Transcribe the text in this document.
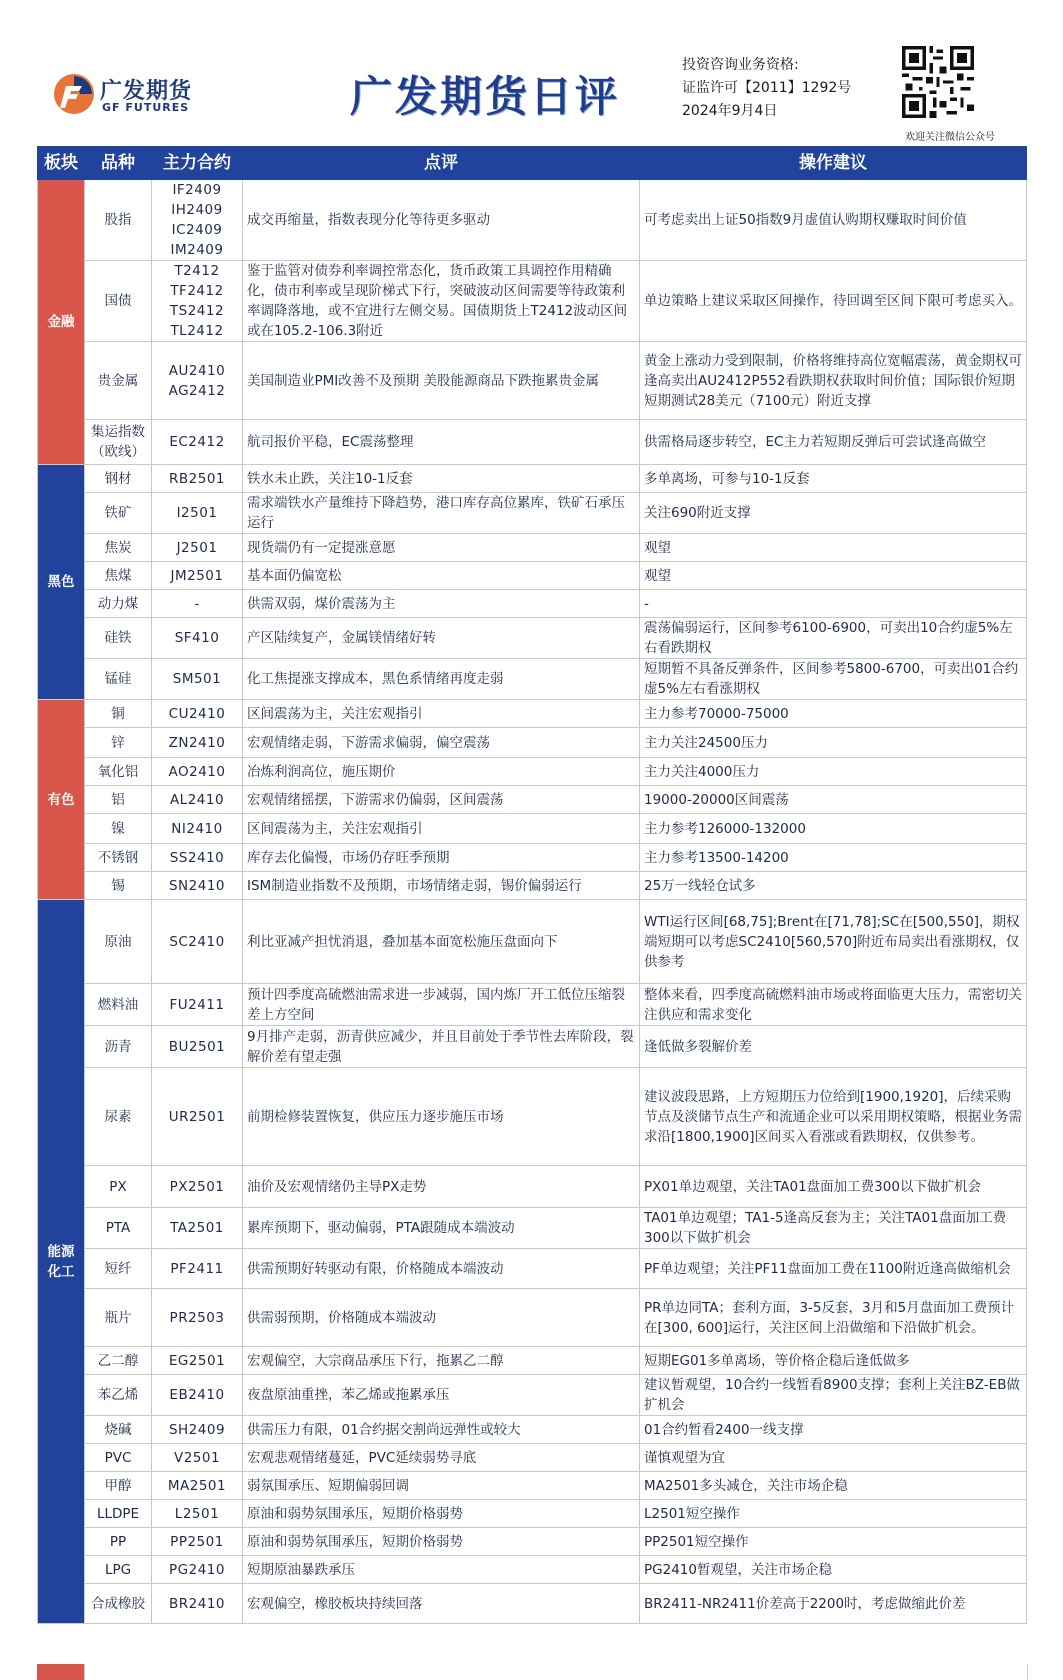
广发期货
GF FUTURES	广发期货日评
投资咨询业务资格:
证监许可【2011】1292号
2024年9月4日
欢迎关注微信公众号
板块	品种	主力合约	点评	操作建议
金融	股指	IF2409
IH2409
IC2409
IM2409	成交再缩量，指数表现分化等待更多驱动	可考虑卖出上证50指数9月虚值认购期权赚取时间价值
	国债	T2412
TF2412
TS2412
TL2412	鉴于监管对债券利率调控常态化，货币政策工具调控作用精确化，债市利率或呈现阶梯式下行，突破波动区间需要等待政策利率调降落地，或不宜进行左侧交易。国债期货上T2412波动区间或在105.2-106.3附近	单边策略上建议采取区间操作，待回调至区间下限可考虑买入。
	贵金属	AU2410
AG2412	美国制造业PMI改善不及预期 美股能源商品下跌拖累贵金属	黄金上涨动力受到限制，价格将维持高位宽幅震荡，黄金期权可逢高卖出AU2412P552看跌期权获取时间价值；国际银价短期短期测试28美元（7100元）附近支撑
	集运指数（欧线）	EC2412	航司报价平稳，EC震荡整理	供需格局逐步转空，EC主力若短期反弹后可尝试逢高做空
黑色	钢材	RB2501	铁水未止跌，关注10-1反套	多单离场，可参与10-1反套
	铁矿	I2501	需求端铁水产量维持下降趋势，港口库存高位累库，铁矿石承压运行	关注690附近支撑
	焦炭	J2501	现货端仍有一定提涨意愿	观望
	焦煤	JM2501	基本面仍偏宽松	观望
	动力煤	-	供需双弱，煤价震荡为主	-
	硅铁	SF410	产区陆续复产，金属镁情绪好转	震荡偏弱运行，区间参考6100-6900，可卖出10合约虚5%左右看跌期权
	锰硅	SM501	化工焦提涨支撑成本，黑色系情绪再度走弱	短期暂不具备反弹条件，区间参考5800-6700，可卖出01合约虚5%左右看涨期权
有色	铜	CU2410	区间震荡为主，关注宏观指引	主力参考70000-75000
	锌	ZN2410	宏观情绪走弱，下游需求偏弱，偏空震荡	主力关注24500压力
	氧化铝	AO2410	冶炼利润高位，施压期价	主力关注4000压力
	铝	AL2410	宏观情绪摇摆，下游需求仍偏弱，区间震荡	19000-20000区间震荡
	镍	NI2410	区间震荡为主，关注宏观指引	主力参考126000-132000
	不锈钢	SS2410	库存去化偏慢，市场仍存旺季预期	主力参考13500-14200
	锡	SN2410	ISM制造业指数不及预期，市场情绪走弱，锡价偏弱运行	25万一线轻仓试多
能源化工	原油	SC2410	利比亚减产担忧消退，叠加基本面宽松施压盘面向下	WTI运行区间[68,75];Brent在[71,78];SC在[500,550]，期权端短期可以考虑SC2410[560,570]附近布局卖出看涨期权，仅供参考
	燃料油	FU2411	预计四季度高硫燃油需求进一步减弱，国内炼厂开工低位压缩裂差上方空间	整体来看，四季度高硫燃料油市场或将面临更大压力，需密切关注供应和需求变化
	沥青	BU2501	9月排产走弱，沥青供应减少，并且目前处于季节性去库阶段，裂解价差有望走强	逢低做多裂解价差
	尿素	UR2501	前期检修装置恢复，供应压力逐步施压市场	建议波段思路，上方短期压力位给到[1900,1920]，后续采购节点及淡储节点生产和流通企业可以采用期权策略，根据业务需求沿[1800,1900]区间买入看涨或看跌期权，仅供参考。
	PX	PX2501	油价及宏观情绪仍主导PX走势	PX01单边观望，关注TA01盘面加工费300以下做扩机会
	PTA	TA2501	累库预期下，驱动偏弱，PTA跟随成本端波动	TA01单边观望；TA1-5逢高反套为主；关注TA01盘面加工费300以下做扩机会
	短纤	PF2411	供需预期好转驱动有限，价格随成本端波动	PF单边观望；关注PF11盘面加工费在1100附近逢高做缩机会
	瓶片	PR2503	供需弱预期，价格随成本端波动	PR单边同TA；套利方面，3-5反套，3月和5月盘面加工费预计在[300, 600]运行，关注区间上沿做缩和下沿做扩机会。
	乙二醇	EG2501	宏观偏空，大宗商品承压下行，拖累乙二醇	短期EG01多单离场，等价格企稳后逢低做多
	苯乙烯	EB2410	夜盘原油重挫，苯乙烯或拖累承压	建议暂观望，10合约一线暂看8900支撑；套利上关注BZ-EB做扩机会
	烧碱	SH2409	供需压力有限，01合约据交割尚远弹性或较大	01合约暂看2400一线支撑
	PVC	V2501	宏观悲观情绪蔓延，PVC延续弱势寻底	谨慎观望为宜
	甲醇	MA2501	弱氛围承压、短期偏弱回调	MA2501多头减仓，关注市场企稳
	LLDPE	L2501	原油和弱势氛围承压，短期价格弱势	L2501短空操作
	PP	PP2501	原油和弱势氛围承压，短期价格弱势	PP2501短空操作
	LPG	PG2410	短期原油暴跌承压	PG2410暂观望，关注市场企稳
	合成橡胶	BR2410	宏观偏空，橡胶板块持续回落	BR2411-NR2411价差高于2200时，考虑做缩此价差
